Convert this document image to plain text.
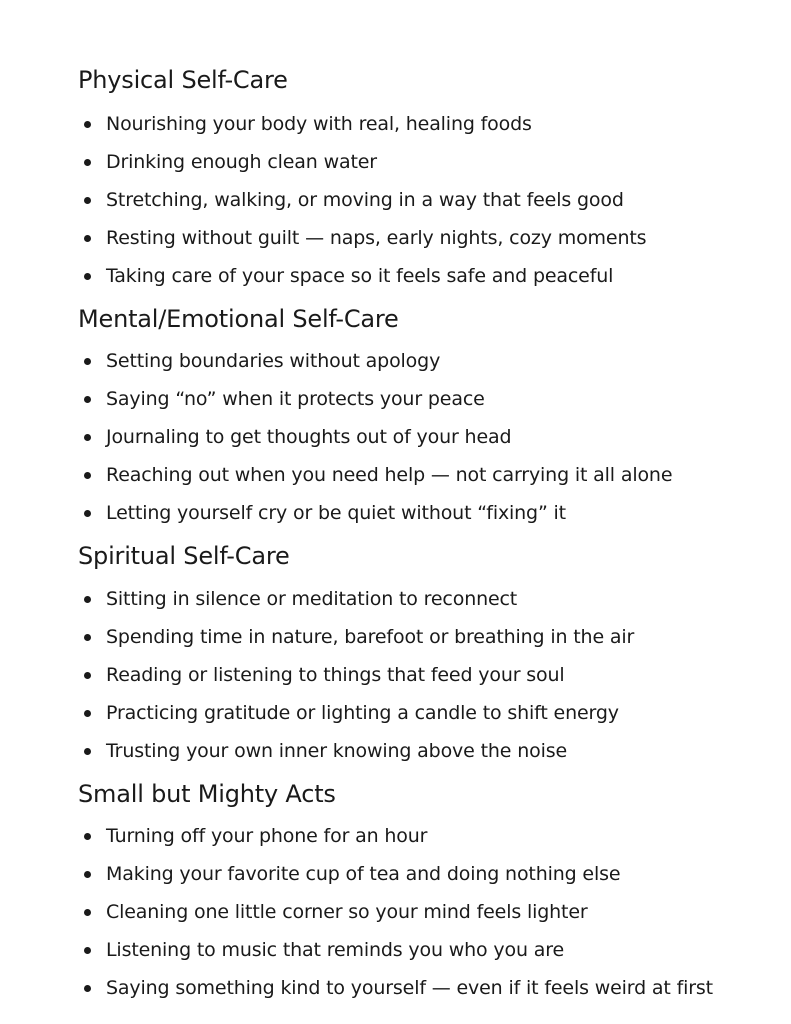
Physical Self-Care
Nourishing your body with real, healing foods
Drinking enough clean water
Stretching, walking, or moving in a way that feels good
Resting without guilt — naps, early nights, cozy moments
Taking care of your space so it feels safe and peaceful
Mental/Emotional Self-Care
Setting boundaries without apology
Saying “no” when it protects your peace
Journaling to get thoughts out of your head
Reaching out when you need help — not carrying it all alone
Letting yourself cry or be quiet without “fixing” it
Spiritual Self-Care
Sitting in silence or meditation to reconnect
Spending time in nature, barefoot or breathing in the air
Reading or listening to things that feed your soul
Practicing gratitude or lighting a candle to shift energy
Trusting your own inner knowing above the noise
Small but Mighty Acts
Turning off your phone for an hour
Making your favorite cup of tea and doing nothing else
Cleaning one little corner so your mind feels lighter
Listening to music that reminds you who you are
Saying something kind to yourself — even if it feels weird at first
